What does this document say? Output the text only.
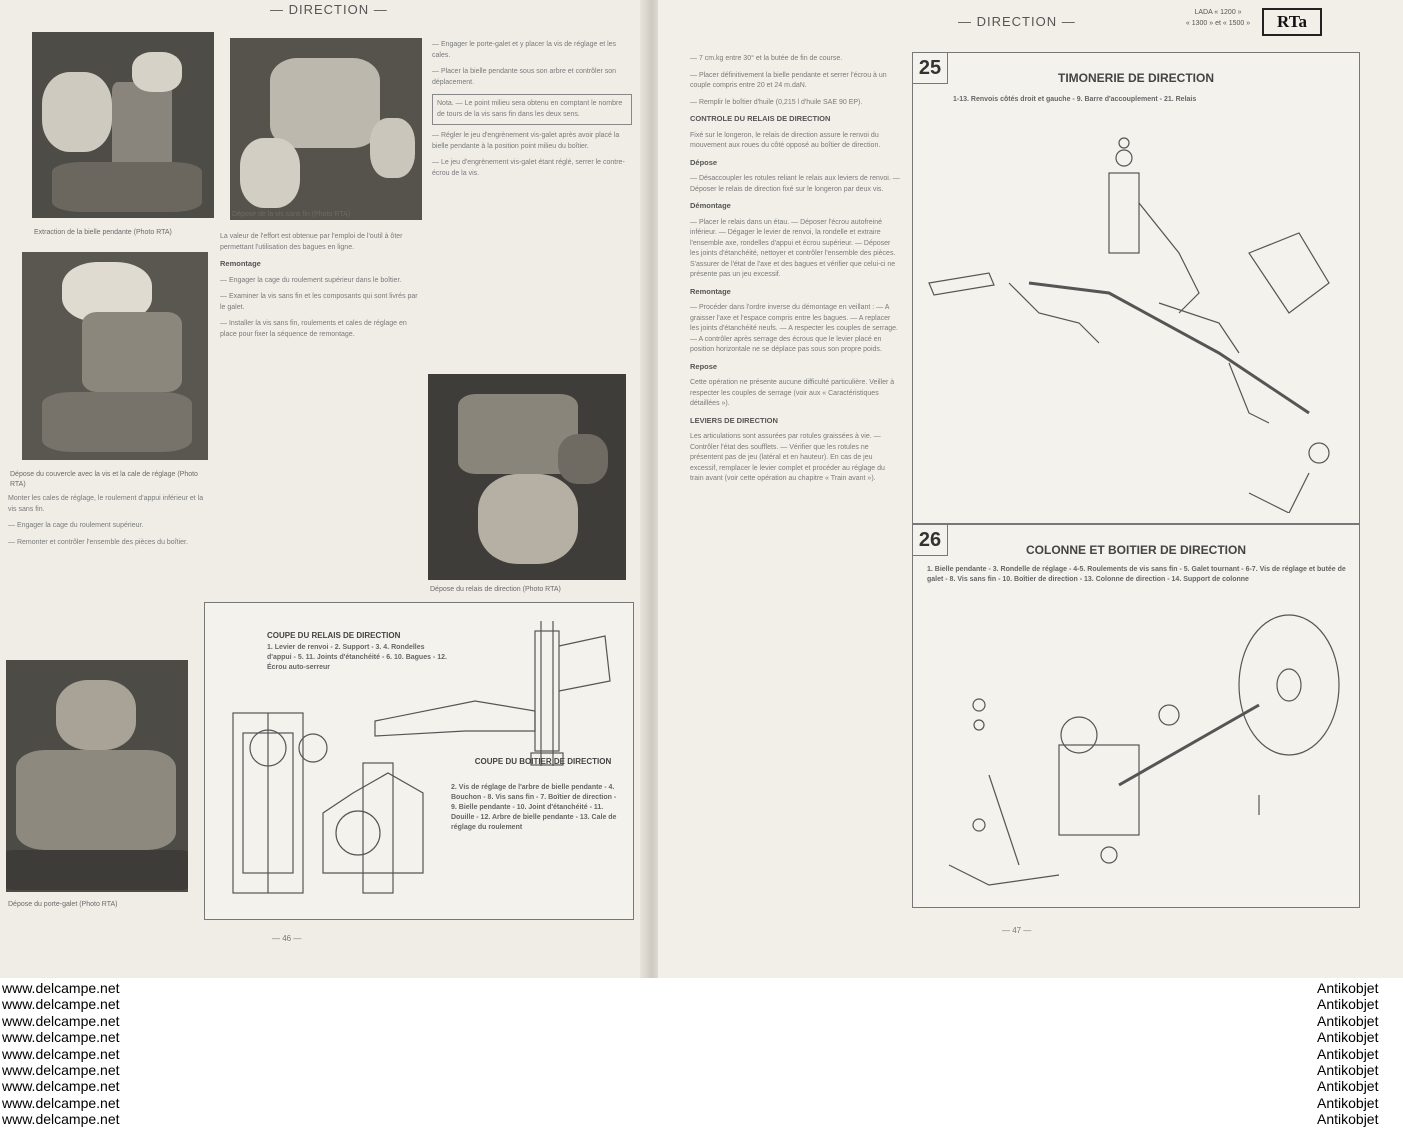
— DIRECTION —
Extraction de la bielle pendante (Photo RTA)
Dépose de la vis sans fin (Photo RTA)
Dépose du couvercle avec la vis et la cale de réglage (Photo RTA)

Monter les cales de réglage, le roulement d'appui inférieur et la vis sans fin.

— Engager la cage du roulement supérieur.

— Remonter et contrôler l'ensemble des pièces du boîtier.

Dépose du porte-galet (Photo RTA)

La valeur de l'effort est obtenue par l'emploi de l'outil à ôter permettant l'utilisation des bagues en ligne.

Remontage

— Engager la cage du roulement supérieur dans le boîtier.

— Examiner la vis sans fin et les composants qui sont livrés par le galet.

— Installer la vis sans fin, roulements et cales de réglage en place pour fixer la séquence de remontage.

— Engager le porte-galet et y placer la vis de réglage et les cales.

— Placer la bielle pendante sous son arbre et contrôler son déplacement.

Nota. — Le point milieu sera obtenu en comptant le nombre de tours de la vis sans fin dans les deux sens.

— Régler le jeu d'engrènement vis-galet après avoir placé la bielle pendante à la position point milieu du boîtier.

— Le jeu d'engrènement vis-galet étant réglé, serrer le contre-écrou de la vis.

Dépose du relais de direction (Photo RTA)
COUPE DU RELAIS DE DIRECTION
1. Levier de renvoi - 2. Support - 3. 4. Rondelles d'appui - 5. 11. Joints d'étanchéité - 6. 10. Bagues - 12. Écrou auto-serreur
COUPE DU BOITIER DE DIRECTION
2. Vis de réglage de l'arbre de bielle pendante - 4. Bouchon - 8. Vis sans fin - 7. Boîtier de direction - 9. Bielle pendante - 10. Joint d'étanchéité - 11. Douille - 12. Arbre de bielle pendante - 13. Cale de réglage du roulement
— 46 —
— DIRECTION —
LADA « 1200 »
« 1300 » et « 1500 »	RTa

— 7 cm.kg entre 30° et la butée de fin de course.

— Placer définitivement la bielle pendante et serrer l'écrou à un couple compris entre 20 et 24 m.daN.

— Remplir le boîtier d'huile (0,215 l d'huile SAE 90 EP).

CONTROLE DU RELAIS DE DIRECTION

Fixé sur le longeron, le relais de direction assure le renvoi du mouvement aux roues du côté opposé au boîtier de direction.

Dépose

— Désaccoupler les rotules reliant le relais aux leviers de renvoi. — Déposer le relais de direction fixé sur le longeron par deux vis.

Démontage

— Placer le relais dans un étau. — Déposer l'écrou autofreiné inférieur. — Dégager le levier de renvoi, la rondelle et extraire l'ensemble axe, rondelles d'appui et écrou supérieur. — Déposer les joints d'étanchéité, nettoyer et contrôler l'ensemble des pièces. S'assurer de l'état de l'axe et des bagues et vérifier que celui-ci ne présente pas un jeu excessif.

Remontage

— Procéder dans l'ordre inverse du démontage en veillant : — A graisser l'axe et l'espace compris entre les bagues. — A replacer les joints d'étanchéité neufs. — A respecter les couples de serrage. — A contrôler après serrage des écrous que le levier placé en position horizontale ne se déplace pas sous son propre poids.

Repose

Cette opération ne présente aucune difficulté particulière. Veiller à respecter les couples de serrage (voir aux « Caractéristiques détaillées »).

LEVIERS DE DIRECTION

Les articulations sont assurées par rotules graissées à vie. — Contrôler l'état des soufflets. — Vérifier que les rotules ne présentent pas de jeu (latéral et en hauteur). En cas de jeu excessif, remplacer le levier complet et procéder au réglage du train avant (voir cette opération au chapitre « Train avant »).

25	TIMONERIE DE DIRECTION
1-13. Renvois côtés droit et gauche - 9. Barre d'accouplement - 21. Relais
26	COLONNE ET BOITIER DE DIRECTION
1. Bielle pendante - 3. Rondelle de réglage - 4-5. Roulements de vis sans fin - 5. Galet tournant - 6-7. Vis de réglage et butée de galet - 8. Vis sans fin - 10. Boîtier de direction - 13. Colonne de direction - 14. Support de colonne
— 47 —
www.delcampe.net
www.delcampe.net
www.delcampe.net
www.delcampe.net
www.delcampe.net
www.delcampe.net
www.delcampe.net
www.delcampe.net
www.delcampe.net
Antikobjet
Antikobjet
Antikobjet
Antikobjet
Antikobjet
Antikobjet
Antikobjet
Antikobjet
Antikobjet
